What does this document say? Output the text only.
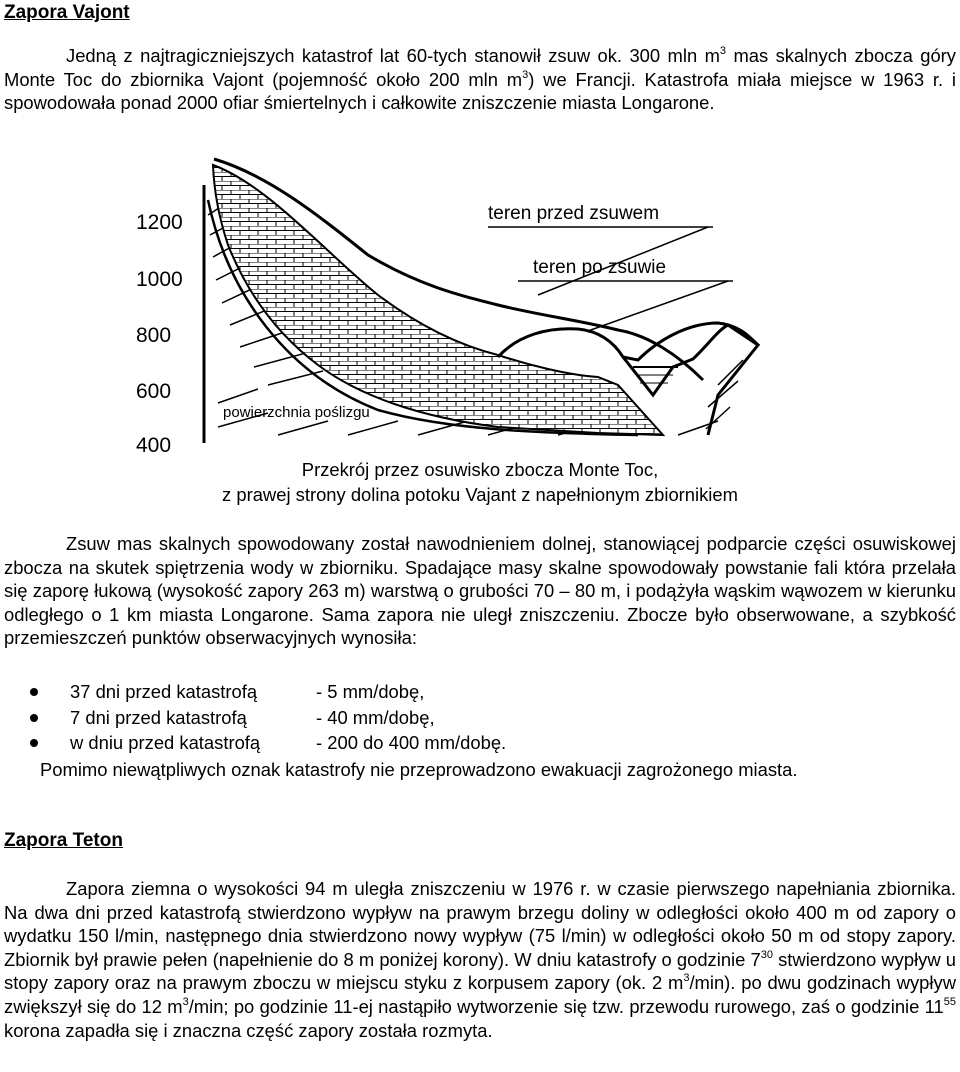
Zapora Vajont
Jedną z najtragiczniejszych katastrof lat 60-tych stanowił zsuw ok. 300 mln $m^3$ mas skalnych zbocza góry Monte Toc do zbiornika Vajont (pojemność około 200 mln $m^3$) we Francji. Katastrofa miała miejsce w 1963 r. i spowodowała ponad 2000 ofiar śmiertelnych i całkowite zniszczenie miasta Longarone.
1200
1000
800
600
400
teren przed zsuwem
teren po zsuwie
powierzchnia poślizgu
Przekrój przez osuwisko zbocza Monte Toc,
z prawej strony dolina potoku Vajant z napełnionym zbiornikiem
Zsuw mas skalnych spowodowany został nawodnieniem dolnej, stanowiącej podparcie części osuwiskowej zbocza na skutek spiętrzenia wody w zbiorniku. Spadające masy skalne spowodowały powstanie fali która przelała się zaporę łukową (wysokość zapory 263 m) warstwą o grubości 70 – 80 m, i podążyła wąskim wąwozem w kierunku odległego o 1 km miasta Longarone. Sama zapora nie uległ zniszczeniu. Zbocze było obserwowane, a szybkość przemieszczeń punktów obserwacyjnych wynosiła:
37 dni przed katastrofą	- 5 mm/dobę,
7 dni przed katastrofą	- 40 mm/dobę,
w dniu przed katastrofą	- 200 do 400 mm/dobę.
Pomimo niewątpliwych oznak katastrofy nie przeprowadzono ewakuacji zagrożonego miasta.
Zapora Teton
Zapora ziemna o wysokości 94 m uległa zniszczeniu w 1976 r. w czasie pierwszego napełniania zbiornika. Na dwa dni przed katastrofą stwierdzono wypływ na prawym brzegu doliny w odległości około 400 m od zapory o wydatku 150 l/min, następnego dnia stwierdzono nowy wypływ (75 l/min) w odległości około 50 m od stopy zapory. Zbiornik był prawie pełen (napełnienie do 8 m poniżej korony). W dniu katastrofy o godzinie $7^{30}$ stwierdzono wypływ u stopy zapory oraz na prawym zboczu w miejscu styku z korpusem zapory (ok. 2 $m^3/\min$). po dwu godzinach wypływ zwiększył się do 12 $m^3/\min$; po godzinie 11-ej nastąpiło wytworzenie się tzw. przewodu rurowego, zaś o godzinie $11^{55}$ korona zapadła się i znaczna część zapory została rozmyta.
